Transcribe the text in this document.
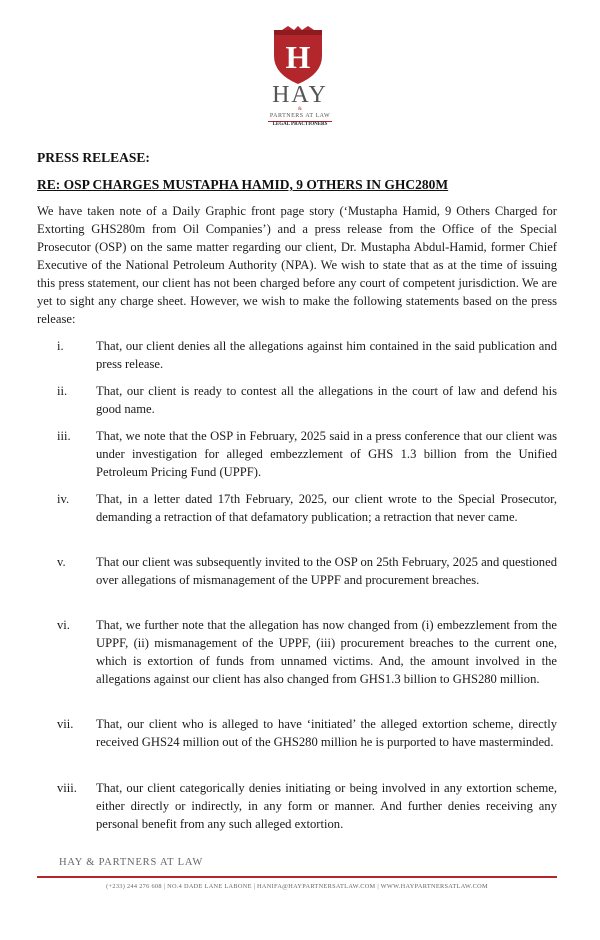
H
HAY
&
PARTNERS AT LAW
LEGAL PRACTIONERS
PRESS RELEASE:
RE: OSP CHARGES MUSTAPHA HAMID, 9 OTHERS IN GHC280M
We have taken note of a Daily Graphic front page story (‘Mustapha Hamid, 9 Others Charged for Extorting GHS280m from Oil Companies’) and a press release from the Office of the Special Prosecutor (OSP) on the same matter regarding our client, Dr. Mustapha Abdul-Hamid, former Chief Executive of the National Petroleum Authority (NPA). We wish to state that as at the time of issuing this press statement, our client has not been charged before any court of competent jurisdiction. We are yet to sight any charge sheet. However, we wish to make the following statements based on the press release:
i.	That, our client denies all the allegations against him contained in the said publication and press release.
ii. That, our client is ready to contest all the allegations in the court of law and defend his good name.
iii. That, we note that the OSP in February, 2025 said in a press conference that our client was under investigation for alleged embezzlement of GHS 1.3 billion from the Unified Petroleum Pricing Fund (UPPF).
iv. That, in a letter dated 17th February, 2025, our client wrote to the Special Prosecutor, demanding a retraction of that defamatory publication; a retraction that never came.
v. That our client was subsequently invited to the OSP on 25th February, 2025 and questioned over allegations of mismanagement of the UPPF and procurement breaches.
vi. That, we further note that the allegation has now changed from (i) embezzlement from the UPPF, (ii) mismanagement of the UPPF, (iii) procurement breaches to the current one, which is extortion of funds from unnamed victims. And, the amount involved in the allegations against our client has also changed from GHS1.3 billion to GHS280 million.
vii. That, our client who is alleged to have ‘initiated’ the alleged extortion scheme, directly received GHS24 million out of the GHS280 million he is purported to have masterminded.
viii. That, our client categorically denies initiating or being involved in any extortion scheme, either directly or indirectly, in any form or manner. And further denies receiving any personal benefit from any such alleged extortion.
HAY & PARTNERS AT LAW
(+233) 244 276 608 | NO.4 DADE LANE LABONE | HANIFA@HAYPARTNERSATLAW.COM | WWW.HAYPARTNERSATLAW.COM
